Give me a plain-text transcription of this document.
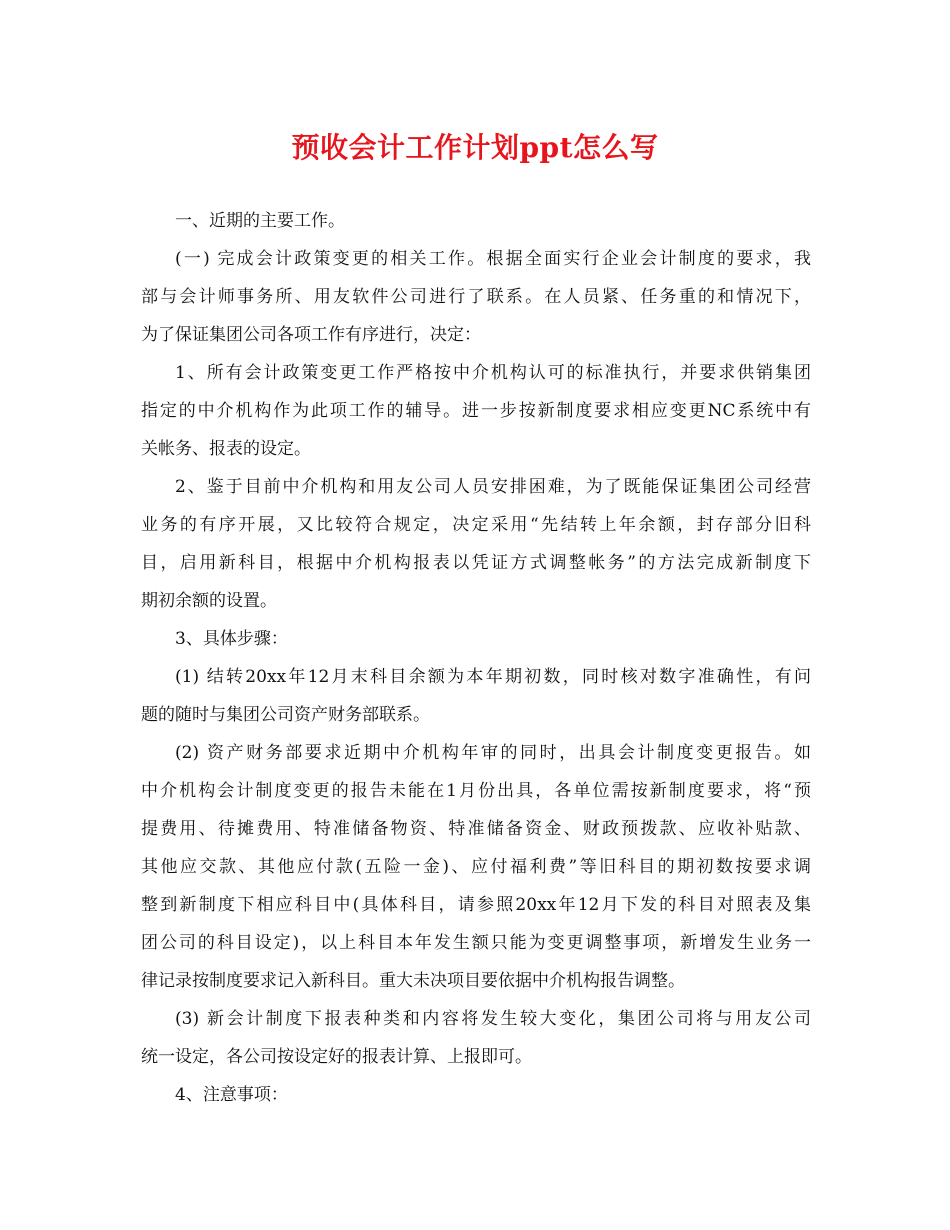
预收会计工作计划ppt怎么写
一、近期的主要工作。
(一) 完成会计政策变更的相关工作。根据全面实行企业会计制度的要求，我
部与会计师事务所、用友软件公司进行了联系。在人员紧、任务重的和情况下，
为了保证集团公司各项工作有序进行，决定：
1、所有会计政策变更工作严格按中介机构认可的标准执行，并要求供销集团
指定的中介机构作为此项工作的辅导。进一步按新制度要求相应变更NC系统中有
关帐务、报表的设定。
2、鉴于目前中介机构和用友公司人员安排困难，为了既能保证集团公司经营
业务的有序开展，又比较符合规定，决定采用“先结转上年余额，封存部分旧科
目，启用新科目，根据中介机构报表以凭证方式调整帐务”的方法完成新制度下
期初余额的设置。
3、具体步骤：
(1) 结转20xx年12月末科目余额为本年期初数，同时核对数字准确性，有问
题的随时与集团公司资产财务部联系。
(2) 资产财务部要求近期中介机构年审的同时，出具会计制度变更报告。如
中介机构会计制度变更的报告未能在1月份出具，各单位需按新制度要求，将“预
提费用、待摊费用、特准储备物资、特准储备资金、财政预拨款、应收补贴款、
其他应交款、其他应付款(五险一金)、应付福利费”等旧科目的期初数按要求调
整到新制度下相应科目中(具体科目，请参照20xx年12月下发的科目对照表及集
团公司的科目设定)，以上科目本年发生额只能为变更调整事项，新增发生业务一
律记录按制度要求记入新科目。重大未决项目要依据中介机构报告调整。
(3) 新会计制度下报表种类和内容将发生较大变化，集团公司将与用友公司
统一设定，各公司按设定好的报表计算、上报即可。
4、注意事项：
